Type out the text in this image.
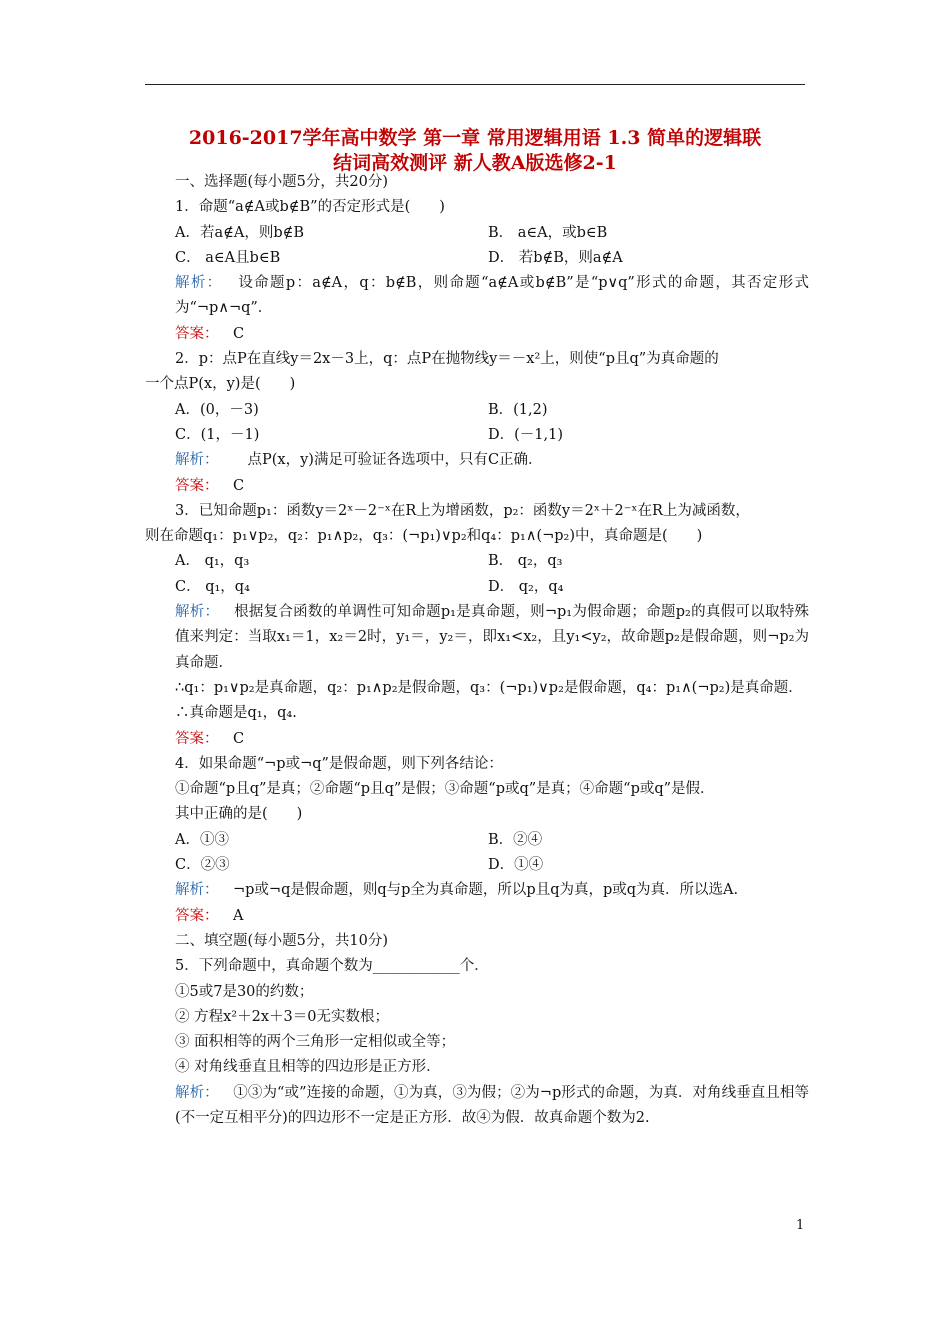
2016-2017学年高中数学 第一章 常用逻辑用语 1.3 简单的逻辑联
结词高效测评 新人教A版选修2-1
一、选择题(每小题5分，共20分)
1．命题“a∉A或b∉B”的否定形式是(　　)
A．若a∉A，则b∉B	B． a∈A，或b∈B
C． a∈A且b∈B	D． 若b∉B，则a∉A
解析：  设命题p：a∉A，q：b∉B，则命题“a∉A或b∉B”是“p∨q”形式的命题，其否定形式为“¬p∧¬q”．
答案：  C
2．p：点P在直线y＝2x－3上，q：点P在抛物线y＝－x²上，则使“p且q”为真命题的
一个点P(x，y)是(　　)
A．(0，－3)	B．(1,2)
C．(1，－1)	D．(－1,1)
解析：   点P(x，y)满足可验证各选项中，只有C正确．
答案：  C
3．已知命题p₁：函数y＝2ˣ－2⁻ˣ在R上为增函数，p₂：函数y＝2ˣ＋2⁻ˣ在R上为减函数，
则在命题q₁：p₁∨p₂，q₂：p₁∧p₂，q₃：(¬p₁)∨p₂和q₄：p₁∧(¬p₂)中，真命题是(　　)
A． q₁，q₃	B． q₂，q₃
C． q₁，q₄	D． q₂，q₄
解析：  根据复合函数的单调性可知命题p₁是真命题，则¬p₁为假命题；命题p₂的真假可以取特殊值来判定：当取x₁＝1，x₂＝2时，y₁＝，y₂＝，即x₁<x₂，且y₁<y₂，故命题p₂是假命题，则¬p₂为真命题．
∴q₁：p₁∨p₂是真命题，q₂：p₁∧p₂是假命题，q₃：(¬p₁)∨p₂是假命题，q₄：p₁∧(¬p₂)是真命题．
∴真命题是q₁，q₄.
答案：  C
4．如果命题“¬p或¬q”是假命题，则下列各结论：
①命题“p且q”是真；②命题“p且q”是假；③命题“p或q”是真；④命题“p或q”是假．
其中正确的是(　　)
A．①③	B．②④
C．②③	D．①④
解析：  ¬p或¬q是假命题，则q与p全为真命题，所以p且q为真，p或q为真．所以选A.
答案：  A
二、填空题(每小题5分，共10分)
5．下列命题中，真命题个数为____________个．
①5或7是30的约数；
② 方程x²＋2x＋3＝0无实数根；
③ 面积相等的两个三角形一定相似或全等；
④ 对角线垂直且相等的四边形是正方形．
解析：  ①③为“或”连接的命题，①为真，③为假；②为¬p形式的命题，为真．对角线垂直且相等(不一定互相平分)的四边形不一定是正方形．故④为假．故真命题个数为2.
1
